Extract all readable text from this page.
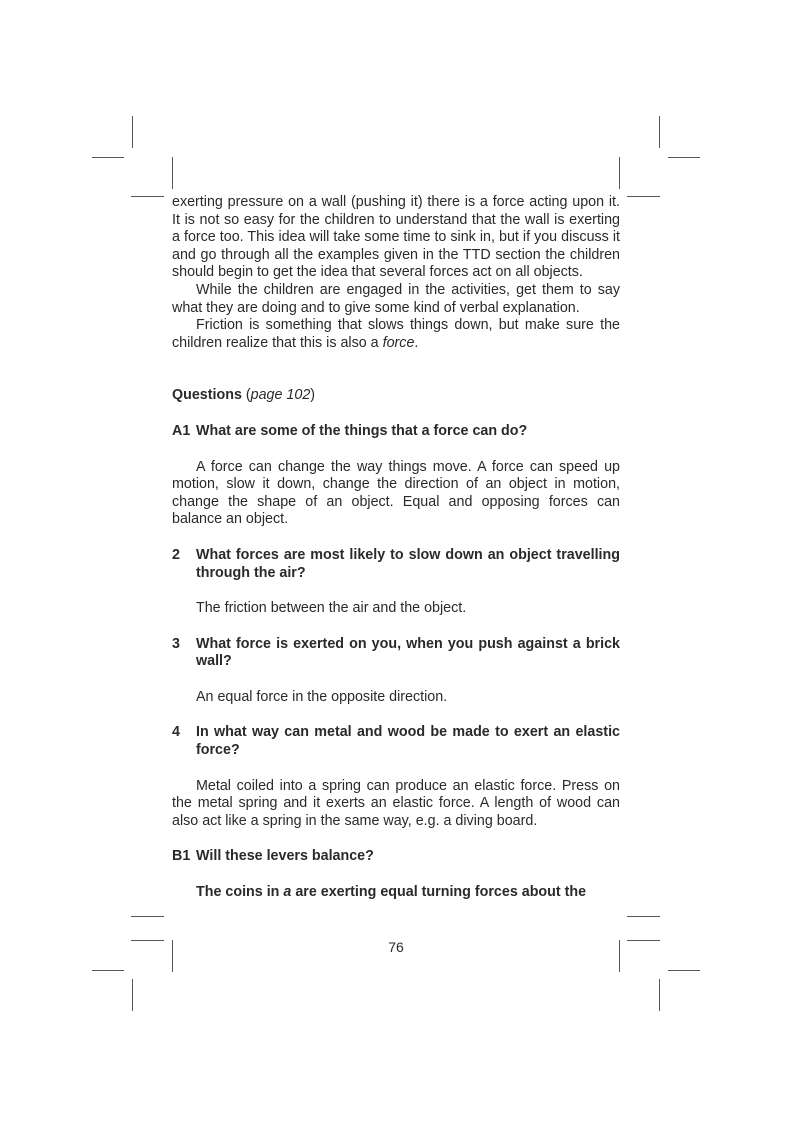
exerting pressure on a wall (pushing it) there is a force acting upon it. It is not so easy for the children to understand that the wall is exerting a force too. This idea will take some time to sink in, but if you discuss it and go through all the examples given in the TTD section the children should begin to get the idea that several forces act on all objects.

While the children are engaged in the activities, get them to say what they are doing and to give some kind of verbal explanation.

Friction is something that slows things down, but make sure the children realize that this is also a force.

Questions (page 102)

A1 What are some of the things that a force can do?

A force can change the way things move. A force can speed up motion, slow it down, change the direction of an object in motion, change the shape of an object. Equal and opposing forces can balance an object.

2	What forces are most likely to slow down an object travelling through the air?

The friction between the air and the object.

3	What force is exerted on you, when you push against a brick wall?

An equal force in the opposite direction.

4	In what way can metal and wood be made to exert an elastic force?

Metal coiled into a spring can produce an elastic force. Press on the metal spring and it exerts an elastic force. A length of wood can also act like a spring in the same way, e.g. a diving board.

B1 Will these levers balance?

The coins in a are exerting equal turning forces about the

76
